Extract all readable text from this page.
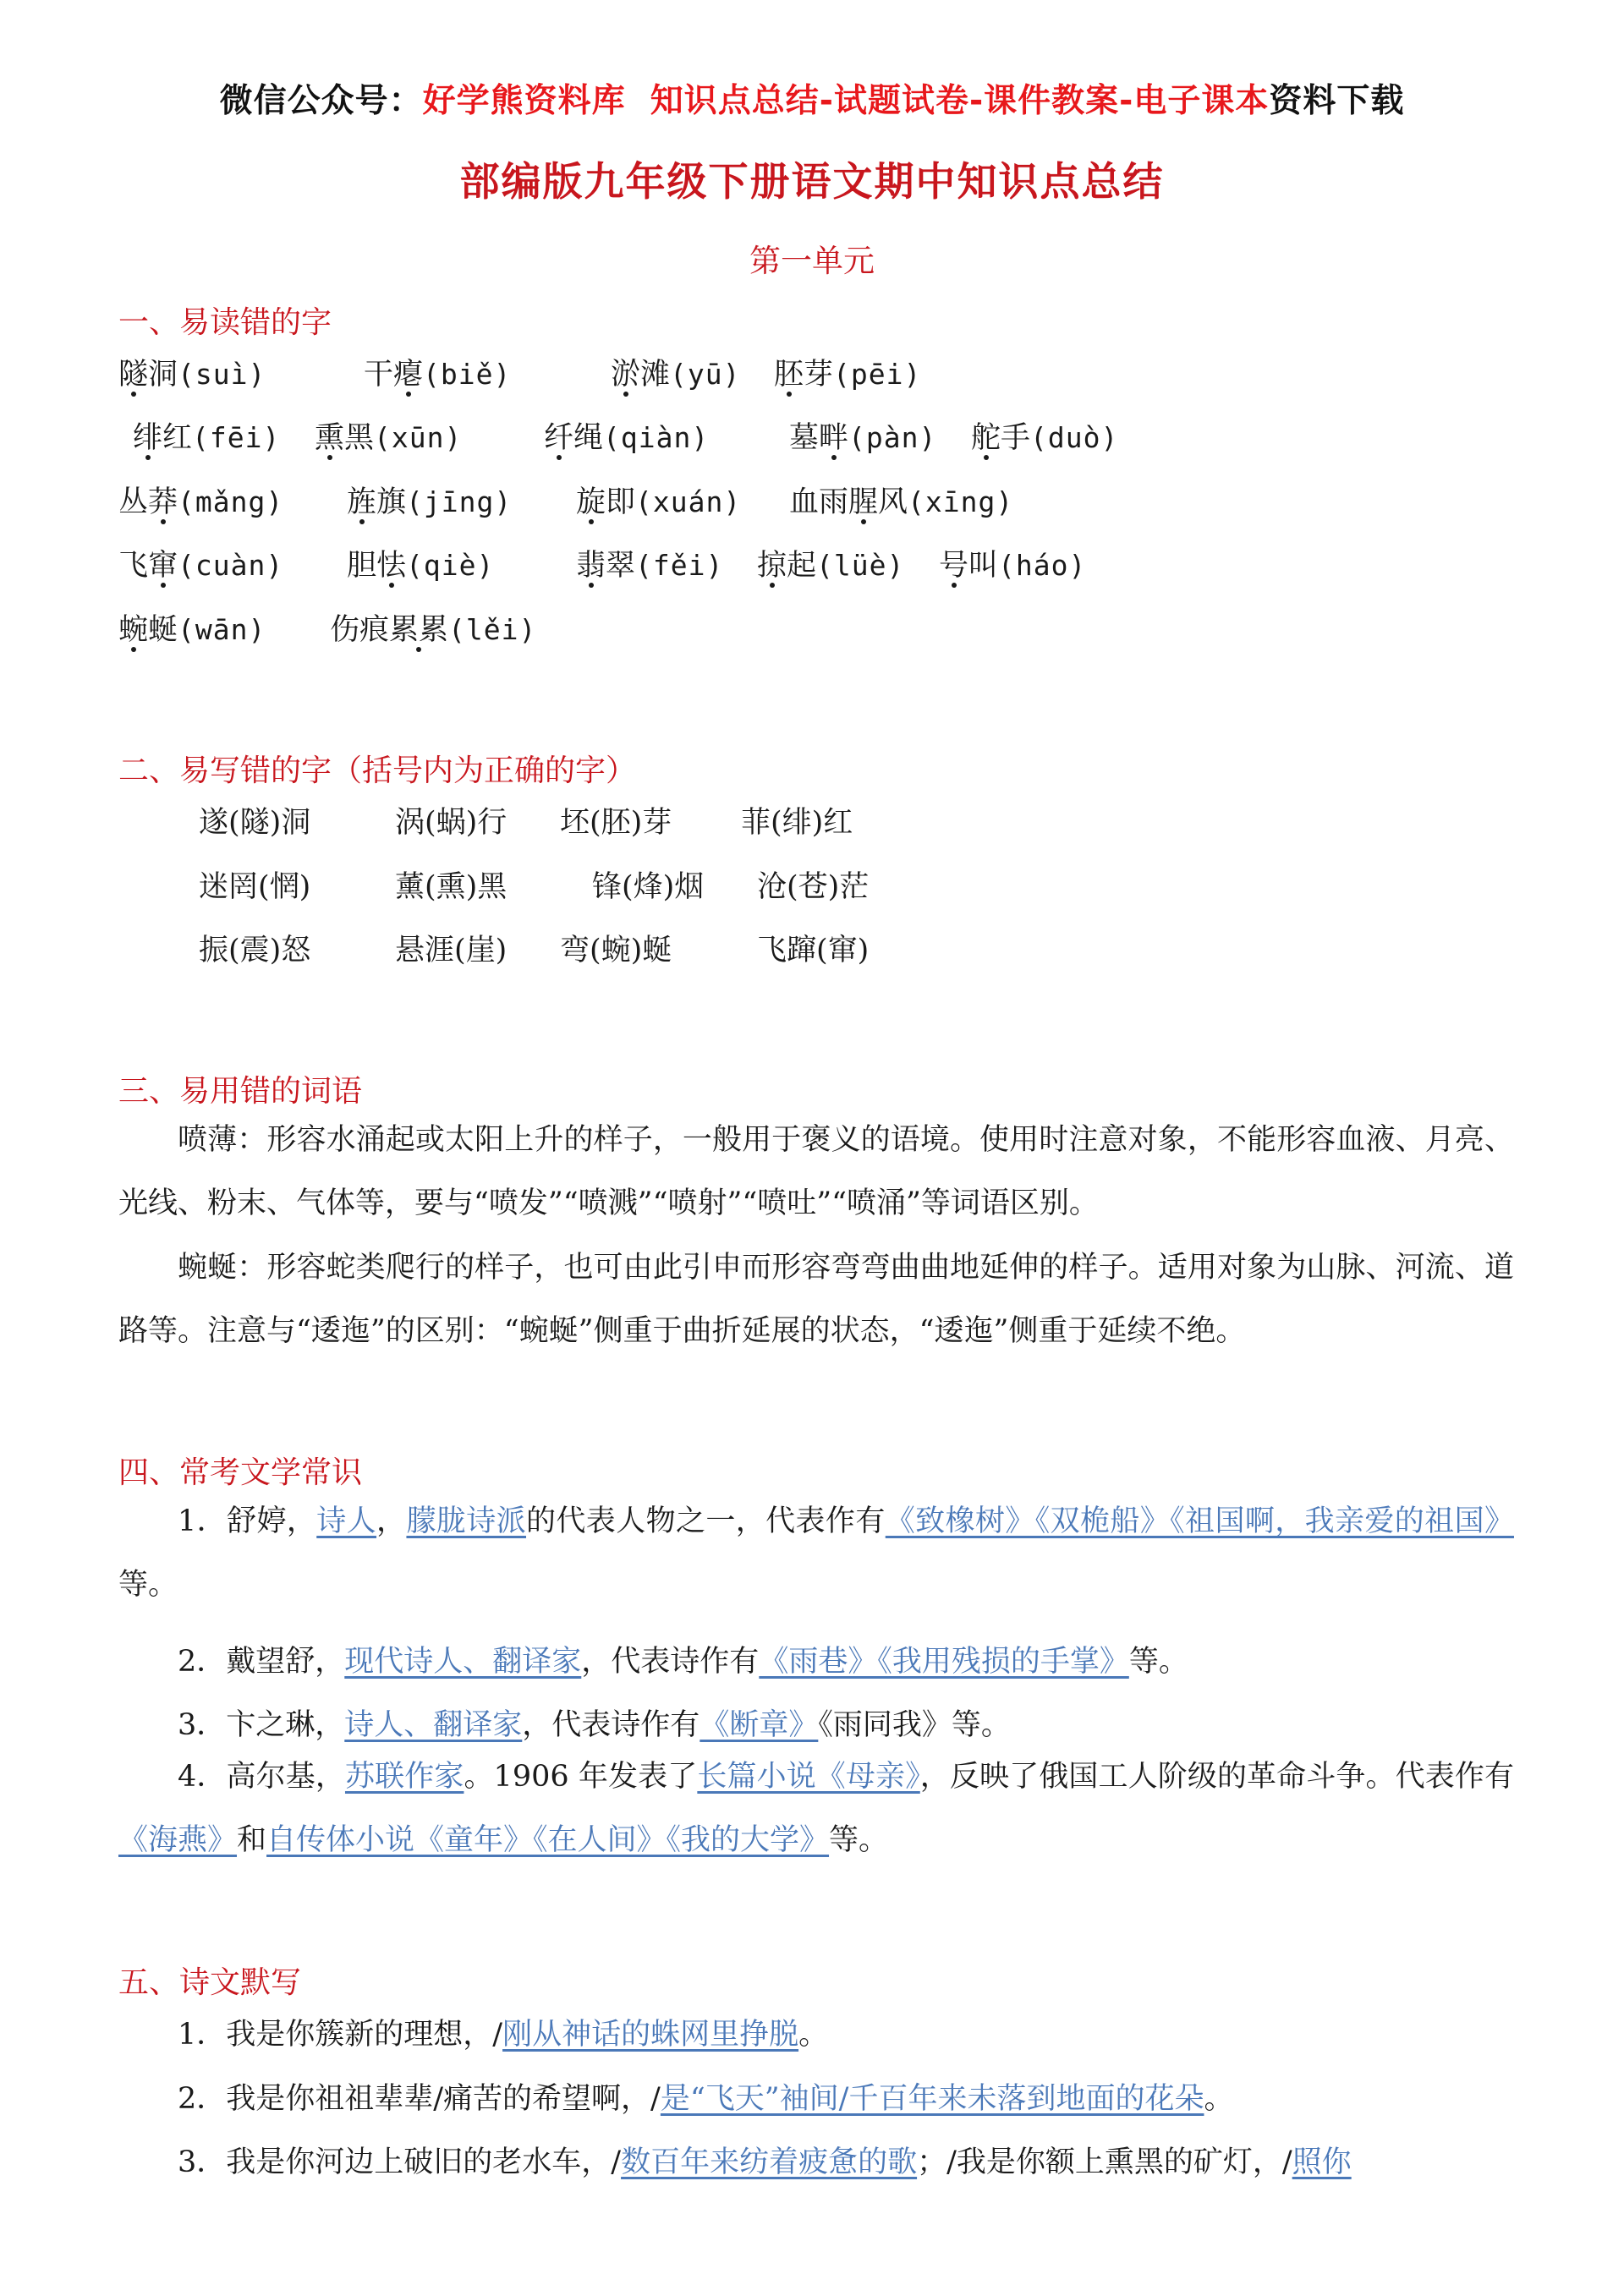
微信公众号：好学熊资料库 知识点总结-试题试卷-课件教案-电子课本资料下载
部编版九年级下册语文期中知识点总结
第一单元
一、易读错的字
隧洞(suì)	干瘪(biě)	淤滩(yū) 胚芽(pēi)
绯红(fēi) 熏黑(xūn)	纤绳(qiàn)	墓畔(pàn) 舵手(duò)
丛莽(mǎng) 旌旗(jīng) 旋即(xuán) 血雨腥风(xīng)
飞窜(cuàn) 胆怯(qiè)	翡翠(fěi) 掠起(lüè) 号叫(háo)
蜿蜒(wān) 伤痕累累(lěi)
二、易写错的字（括号内为正确的字）
遂(隧)洞	涡(蜗)行 坯(胚)芽 菲(绯)红
迷罔(惘)	薰(熏)黑	锋(烽)烟 沧(苍)茫
振(震)怒	悬涯(崖) 弯(蜿)蜒	飞蹿(窜)
三、易用错的词语
喷薄：形容水涌起或太阳上升的样子，一般用于褒义的语境。使用时注意对象，不能形容血液、月亮、光线、粉末、气体等，要与“喷发”“喷溅”“喷射”“喷吐”“喷涌”等词语区别。
蜿蜒：形容蛇类爬行的样子，也可由此引申而形容弯弯曲曲地延伸的样子。适用对象为山脉、河流、道路等。注意与“逶迤”的区别：“蜿蜒”侧重于曲折延展的状态，“逶迤”侧重于延续不绝。
四、常考文学常识
1．舒婷，诗人，朦胧诗派的代表人物之一，代表作有《致橡树》《双桅船》《祖国啊，我亲爱的祖国》等。
2．戴望舒，现代诗人、翻译家，代表诗作有《雨巷》《我用残损的手掌》等。
3．卞之琳，诗人、翻译家，代表诗作有《断章》《雨同我》等。
4．高尔基，苏联作家。1906 年发表了长篇小说《母亲》，反映了俄国工人阶级的革命斗争。代表作有《海燕》和自传体小说《童年》《在人间》《我的大学》等。
五、诗文默写
1．我是你簇新的理想，/刚从神话的蛛网里挣脱。
2．我是你祖祖辈辈/痛苦的希望啊，/是“飞天”袖间/千百年来未落到地面的花朵。
3．我是你河边上破旧的老水车，/数百年来纺着疲惫的歌；/我是你额上熏黑的矿灯，/照你
